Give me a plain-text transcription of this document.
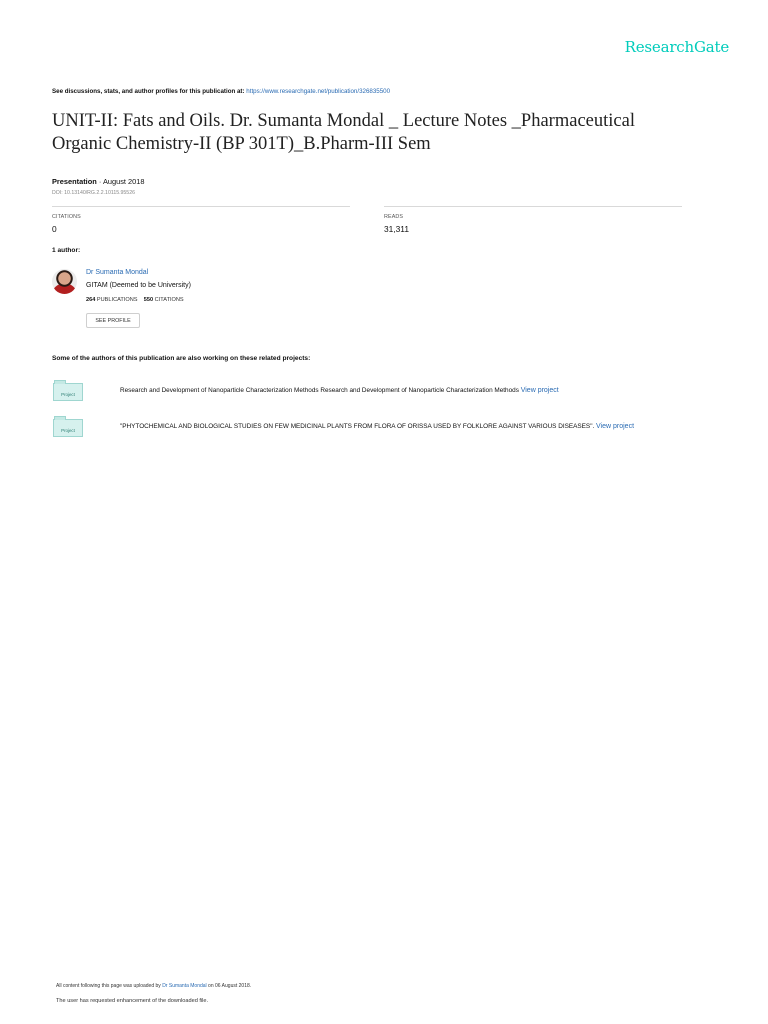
ResearchGate
See discussions, stats, and author profiles for this publication at: https://www.researchgate.net/publication/326835500
UNIT-II: Fats and Oils. Dr. Sumanta Mondal _ Lecture Notes _Pharmaceutical
Organic Chemistry-II (BP 301T)_B.Pharm-III Sem
Presentation · August 2018
DOI: 10.13140/RG.2.2.10115.95526
CITATIONS
0
READS
31,311
1 author:
Dr Sumanta Mondal
GITAM (Deemed to be University)
264 PUBLICATIONS 550 CITATIONS
SEE PROFILE
Some of the authors of this publication are also working on these related projects:
Project
Research and Development of Nanoparticle Characterization Methods Research and Development of Nanoparticle Characterization Methods View project
Project
"PHYTOCHEMICAL AND BIOLOGICAL STUDIES ON FEW MEDICINAL PLANTS FROM FLORA OF ORISSA USED BY FOLKLORE AGAINST VARIOUS DISEASES". View project
All content following this page was uploaded by Dr Sumanta Mondal on 06 August 2018.
The user has requested enhancement of the downloaded file.
